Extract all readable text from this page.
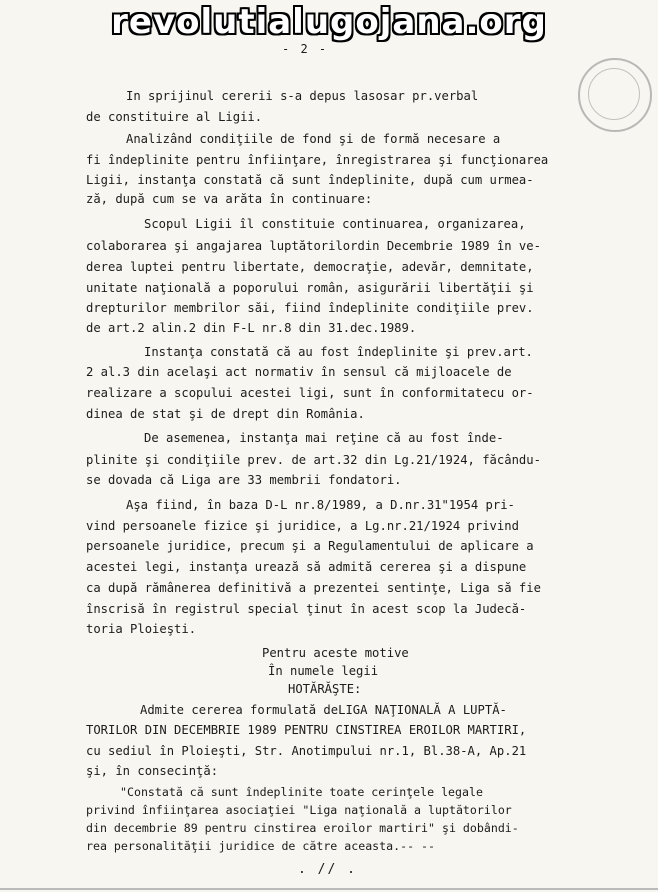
revolutialugojana.org
- 2 -
In sprijinul cererii s-a depus lasosar pr.verbal
de constituire al Ligii.
Analizând condiţiile de fond şi de formă necesare a
fi îndeplinite pentru înfiinţare, înregistrarea şi funcţionarea
Ligii, instanţa constată că sunt îndeplinite, după cum urmea-
ză, după cum se va arăta în continuare:
Scopul Ligii îl constituie continuarea, organizarea,
colaborarea şi angajarea luptătorilordin Decembrie 1989 în ve-
derea luptei pentru libertate, democraţie, adevăr, demnitate,
unitate naţională a poporului român, asigurării libertăţii şi
drepturilor membrilor săi, fiind îndeplinite condiţiile prev.
de art.2 alin.2 din F-L nr.8 din 31.dec.1989.
Instanţa constată că au fost îndeplinite şi prev.art.
2 al.3 din acelaşi act normativ în sensul că mijloacele de
realizare a scopului acestei ligi, sunt în conformitatecu or-
dinea de stat şi de drept din România.
De asemenea, instanţa mai reţine că au fost înde-
plinite şi condiţiile prev. de art.32 din Lg.21/1924, făcându-
se dovada că Liga are 33 membrii fondatori.
Aşa fiind, în baza D-L nr.8/1989, a D.nr.31"1954 pri-
vind persoanele fizice şi juridice, a Lg.nr.21/1924 privind
persoanele juridice, precum şi a Regulamentului de aplicare a
acestei legi, instanţa urează să admită cererea şi a dispune
ca după rămânerea definitivă a prezentei sentinţe, Liga să fie
înscrisă în registrul special ţinut în acest scop la Judecă-
toria Ploieşti.
Pentru aceste motive
În numele legii
HOTĂRĂŞTE:
Admite cererea formulată deLIGA NAŢIONALĂ A LUPTĂ-
TORILOR DIN DECEMBRIE 1989 PENTRU CINSTIREA EROILOR MARTIRI,
cu sediul în Ploieşti, Str. Anotimpului nr.1, Bl.38-A, Ap.21
şi, în consecinţă:
"Constată că sunt îndeplinite toate cerinţele legale
. // .
privind înfiinţarea asociaţiei "Liga naţională a luptătorilor
din decembrie 89 pentru cinstirea eroilor martiri" şi dobândi-
rea personalităţii juridice de către aceasta.-- --
